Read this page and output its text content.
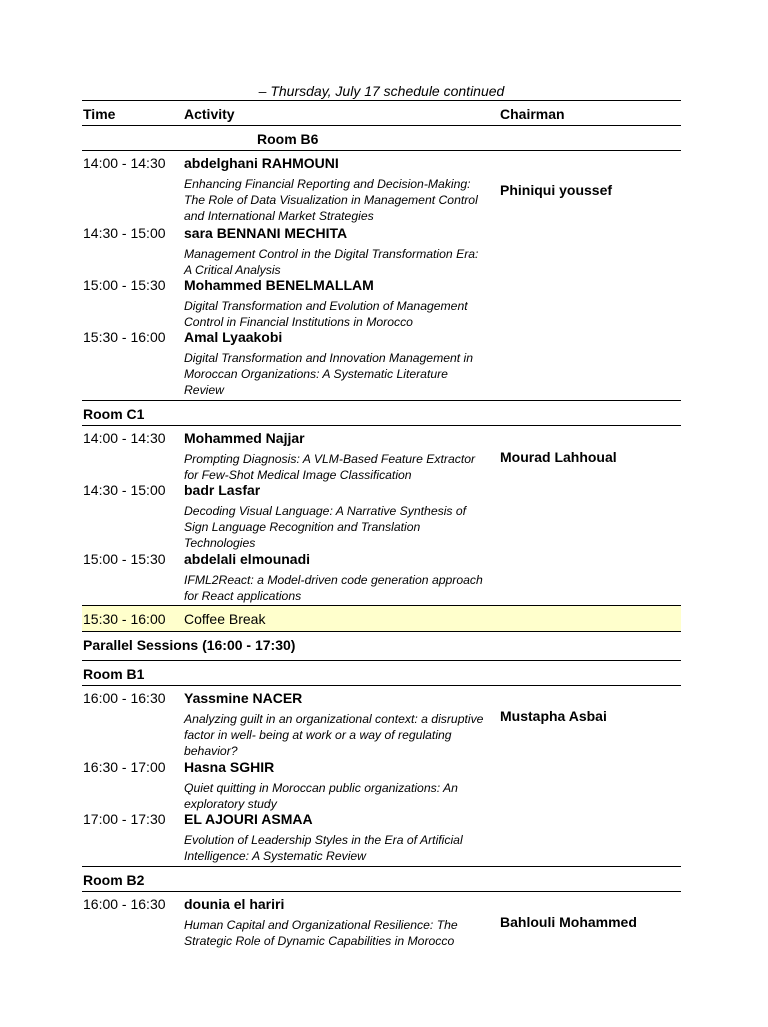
– Thursday, July 17 schedule continued
Time	Activity	Chairman
Room B6
Phiniqui youssef
14:00 - 14:30 abdelghani RAHMOUNI
Enhancing Financial Reporting and Decision-Making: The Role of Data Visualization in Management Control and International Market Strategies
14:30 - 15:00 sara BENNANI MECHITA
Management Control in the Digital Transformation Era: A Critical Analysis
15:00 - 15:30 Mohammed BENELMALLAM
Digital Transformation and Evolution of Management Control in Financial Institutions in Morocco
15:30 - 16:00 Amal Lyaakobi
Digital Transformation and Innovation Management in Moroccan Organizations: A Systematic Literature Review
Room C1
Mourad Lahhoual
14:00 - 14:30 Mohammed Najjar
Prompting Diagnosis: A VLM-Based Feature Extractor for Few-Shot Medical Image Classification
14:30 - 15:00 badr Lasfar
Decoding Visual Language: A Narrative Synthesis of Sign Language Recognition and Translation Technologies
15:00 - 15:30 abdelali elmounadi
IFML2React: a Model-driven code generation approach for React applications
15:30 - 16:00 Coffee Break
Parallel Sessions (16:00 - 17:30)
Room B1
Mustapha Asbai
16:00 - 16:30 Yassmine NACER
Analyzing guilt in an organizational context: a disruptive factor in well- being at work or a way of regulating behavior?
16:30 - 17:00 Hasna SGHIR
Quiet quitting in Moroccan public organizations: An exploratory study
17:00 - 17:30 EL AJOURI ASMAA
Evolution of Leadership Styles in the Era of Artificial Intelligence: A Systematic Review
Room B2
Bahlouli Mohammed
16:00 - 16:30 dounia el hariri
Human Capital and Organizational Resilience: The Strategic Role of Dynamic Capabilities in Morocco
